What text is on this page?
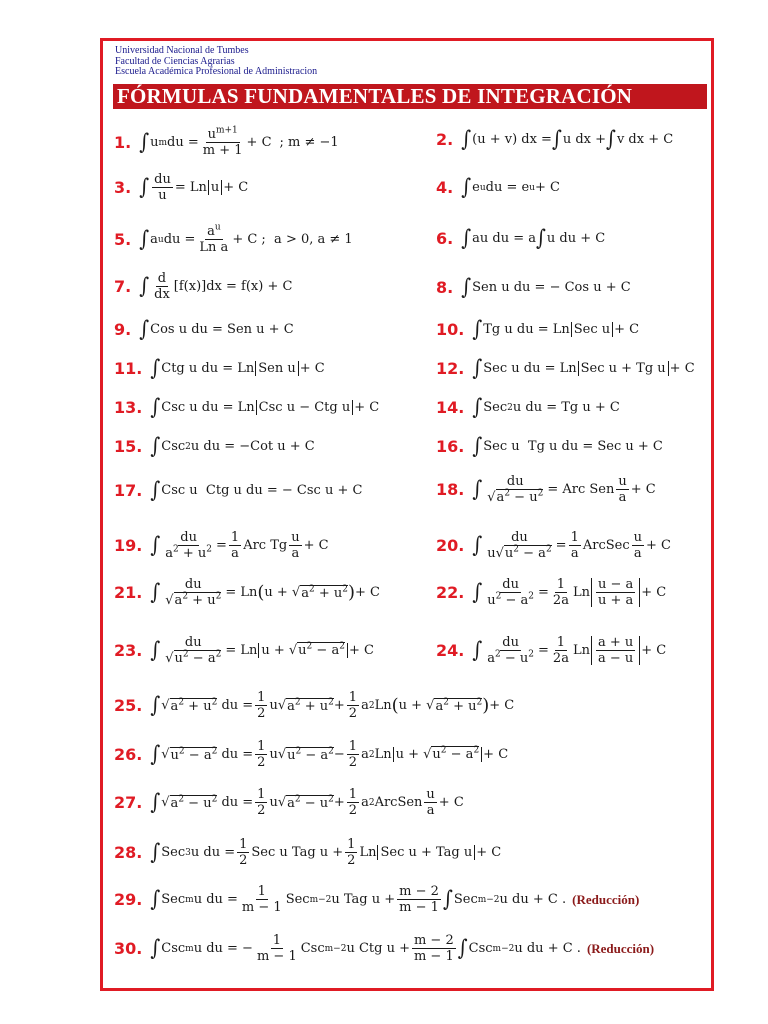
Universidad Nacional de Tumbes
Facultad de Ciencias Agrarias
Escuela Académica Profesional de Administracion
FÓRMULAS FUNDAMENTALES DE INTEGRACIÓN
1. ∫ u m du =
$u^{m+1}$
m + 1
+ C ; m ≠ −1	2. ∫ (u + v) dx = ∫ u dx + ∫ v dx + C
3. ∫ du
u
= Ln u + C	4. ∫ e u du = e u + C
5. ∫ a u du =
$a^u$
Ln a
+ C ;  a > 0, a ≠ 1	6. ∫ au du = a ∫ u du + C
7. ∫ d
dx
[f(x)]dx = f(x) + C	8. ∫ Sen u du = − Cos u + C
9. ∫ Cos u du = Sen u + C	10. ∫ Tg u du = Ln Sec u + C
11. ∫ Ctg u du = Ln Sen u + C	12. ∫ Sec u du = Ln Sec u + Tg u + C
13. ∫ Csc u du = Ln Csc u − Ctg u + C	14. ∫ Sec 2 u du = Tg u + C
15. ∫ Csc 2 u du = −Cot u + C	16. ∫ Sec u  Tg u du = Sec u + C
17. ∫ Csc u  Ctg u du = − Csc u + C	18. ∫ du
$√a^2 - u^2$ = Arc Sen
u
a
+ C
19. ∫ du
$a^2 + u^2$ =
1
a
Arc Tg
u
a
+ C	20. ∫ du
$u√u^2 - a^2$ =
1
a
ArcSec
u
a
+ C
21. ∫ du
$√a^2 + u^2 = Ln$ ( u + √ $a^2 + u^2$ ) + C	22. ∫ du
$u^2 - a^2$ =
1
2a
Ln $\frac{u - a}{u + a} + C$
23. ∫ du
$√u^2 - a^2 = Ln$ $u + √u^2 - a^2 + C$	24. ∫ du
$a^2 - u^2$ =
1
2a
Ln $\frac{a + u}{a - u} + C$
25. ∫ √ $a^2 + u^2$ du =
1
2
u√ $a^2 + u^2$ +
1
2
a 2 Ln ( u + √ $a^2 + u^2$ ) + C
26. ∫ √ $u^2 - a^2$ du =
1
2
u√ $u^2 - a^2$ −
1
2
a 2 Ln $u + √u^2 - a^2 + C$
27. ∫ √ $a^2 - u^2$ du =
1
2
u√ $a^2 - u^2$ +
1
2
a 2 ArcSen
u
a
+ C
28. ∫ Sec 3 u du =
1
2
Sec u Tag u +
1
2
Ln Sec u + Tag u + C
29. ∫ Sec m u du =
1
m − 1
Sec m−2 u Tag u +
m − 2
m − 1 ∫ Sec m−2 u du + C . (Reducción)
30. ∫ Csc m u du = −
1
m − 1
Csc m−2 u Ctg u +
m − 2
m − 1 ∫ Csc m−2 u du + C . (Reducción)
